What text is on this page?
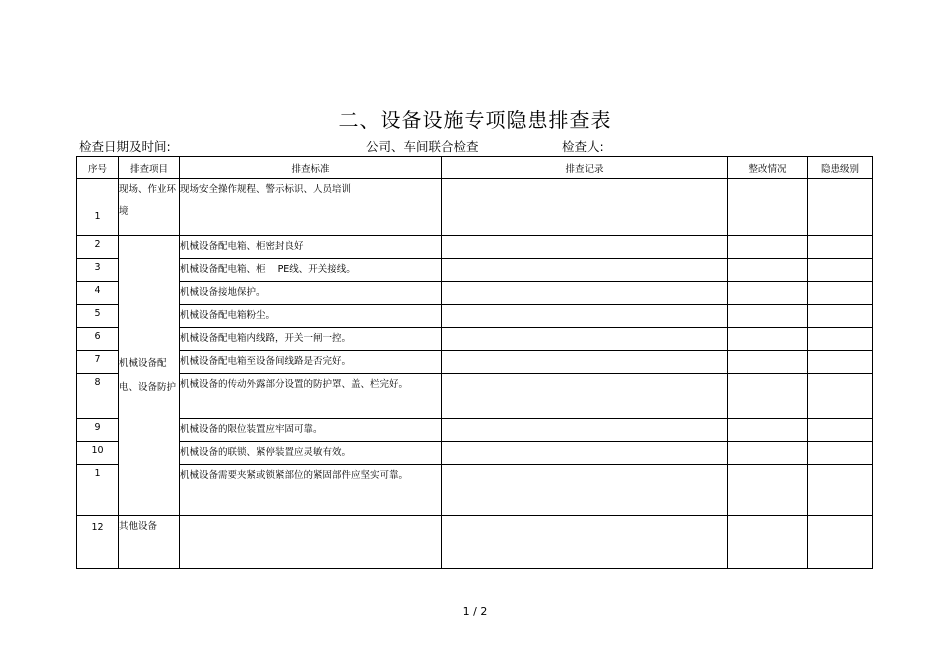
二、设备设施专项隐患排查表
检查日期及时间:	公司、车间联合检查	检查人:
序号	排查项目	排查标准	排查记录	整改情况	隐患级别
1	现场、作业环境	现场安全操作规程、警示标识、人员培训			
2	机械设备配电、设备防护	机械设备配电箱、柜密封良好			
3		机械设备配电箱、柜    PE线、开关接线。			
4		机械设备接地保护。			
5		机械设备配电箱粉尘。			
6		机械设备配电箱内线路，开关一闸一控。			
7		机械设备配电箱至设备间线路是否完好。			
8		机械设备的传动外露部分设置的防护罩、盖、栏完好。			
9		机械设备的限位装置应牢固可靠。			
10		机械设备的联锁、紧停装置应灵敏有效。			
1		机械设备需要夹紧或锁紧部位的紧固部件应坚实可靠。			
12	其他设备				
1 / 2
